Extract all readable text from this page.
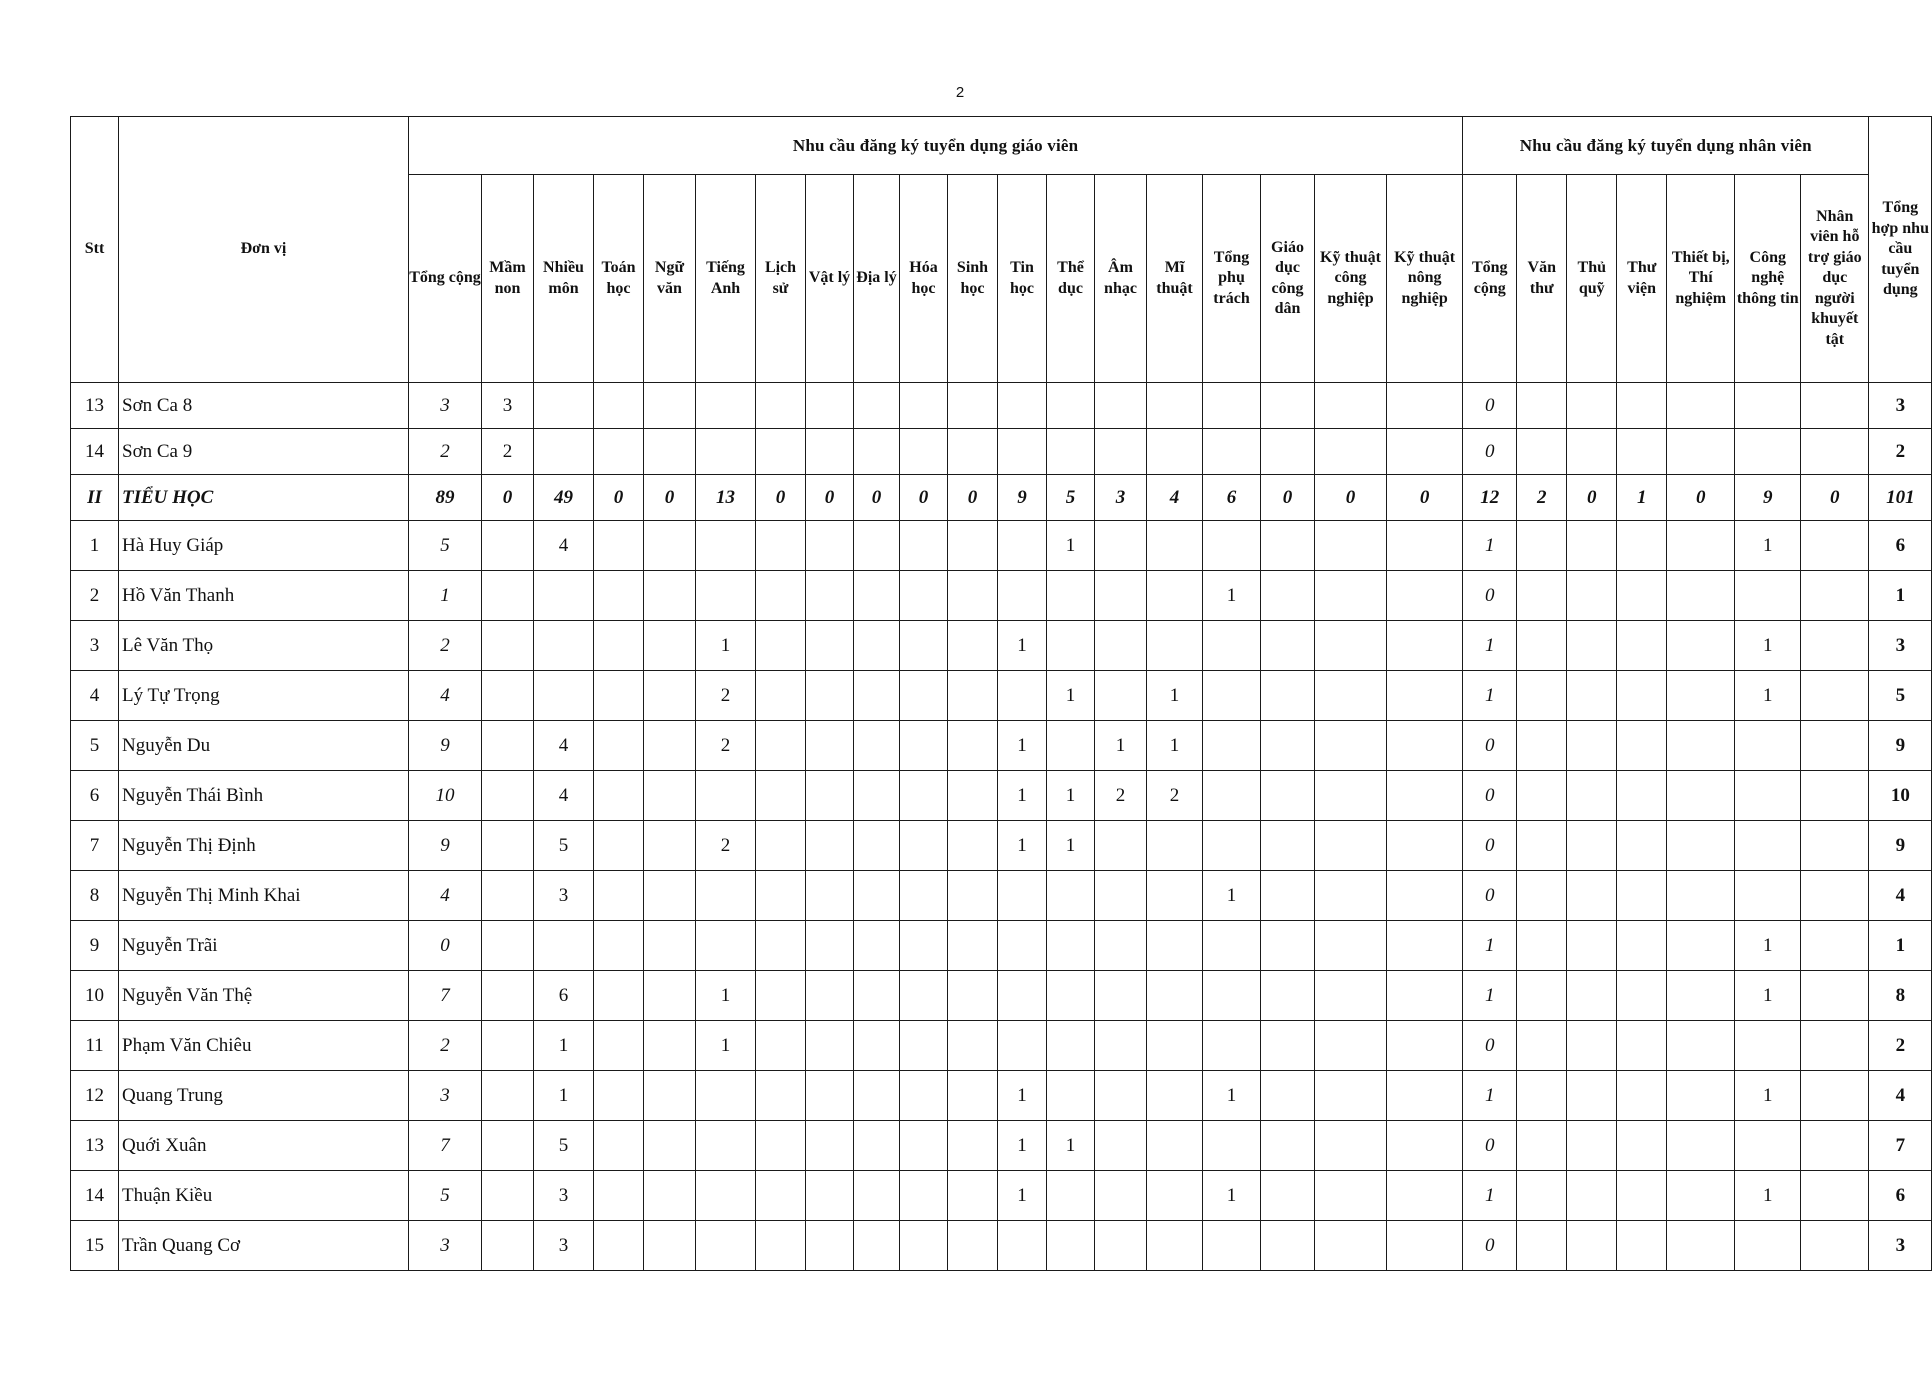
2
Stt	Đơn vị	Nhu cầu đăng ký tuyển dụng giáo viên																			Nhu cầu đăng ký tuyển dụng nhân viên							Tổng hợp nhu cầu tuyển dụng
		Tổng cộng	Mầm non	Nhiều môn	Toán học	Ngữ văn	Tiếng Anh	Lịch sử	Vật lý	Địa lý	Hóa học	Sinh học	Tin học	Thể dục	Âm nhạc	Mĩ thuật	Tổng phụ trách	Giáo dục công dân	Kỹ thuật công nghiệp	Kỹ thuật nông nghiệp	Tổng cộng	Văn thư	Thủ quỹ	Thư viện	Thiết bị, Thí nghiệm	Công nghệ thông tin	Nhân viên hỗ trợ giáo dục người khuyết tật	
13	Sơn Ca 8	3	3																		0							3
14	Sơn Ca 9	2	2																		0							2
II	TIỂU HỌC	89	0	49	0	0	13	0	0	0	0	0	9	5	3	4	6	0	0	0	12	2	0	1	0	9	0	101
1	Hà Huy Giáp	5		4										1							1					1		6
2	Hồ Văn Thanh	1															1				0							1
3	Lê Văn Thọ	2					1						1								1					1		3
4	Lý Tự Trọng	4					2							1		1					1					1		5
5	Nguyễn Du	9		4			2						1		1	1					0							9
6	Nguyễn Thái Bình	10		4									1	1	2	2					0							10
7	Nguyễn Thị Định	9		5			2						1	1							0							9
8	Nguyễn Thị Minh Khai	4		3													1				0							4
9	Nguyễn Trãi	0																			1					1		1
10	Nguyễn Văn Thệ	7		6			1														1					1		8
11	Phạm Văn Chiêu	2		1			1														0							2
12	Quang Trung	3		1									1				1				1					1		4
13	Quới Xuân	7		5									1	1							0							7
14	Thuận Kiều	5		3									1				1				1					1		6
15	Trần Quang Cơ	3		3																	0							3
